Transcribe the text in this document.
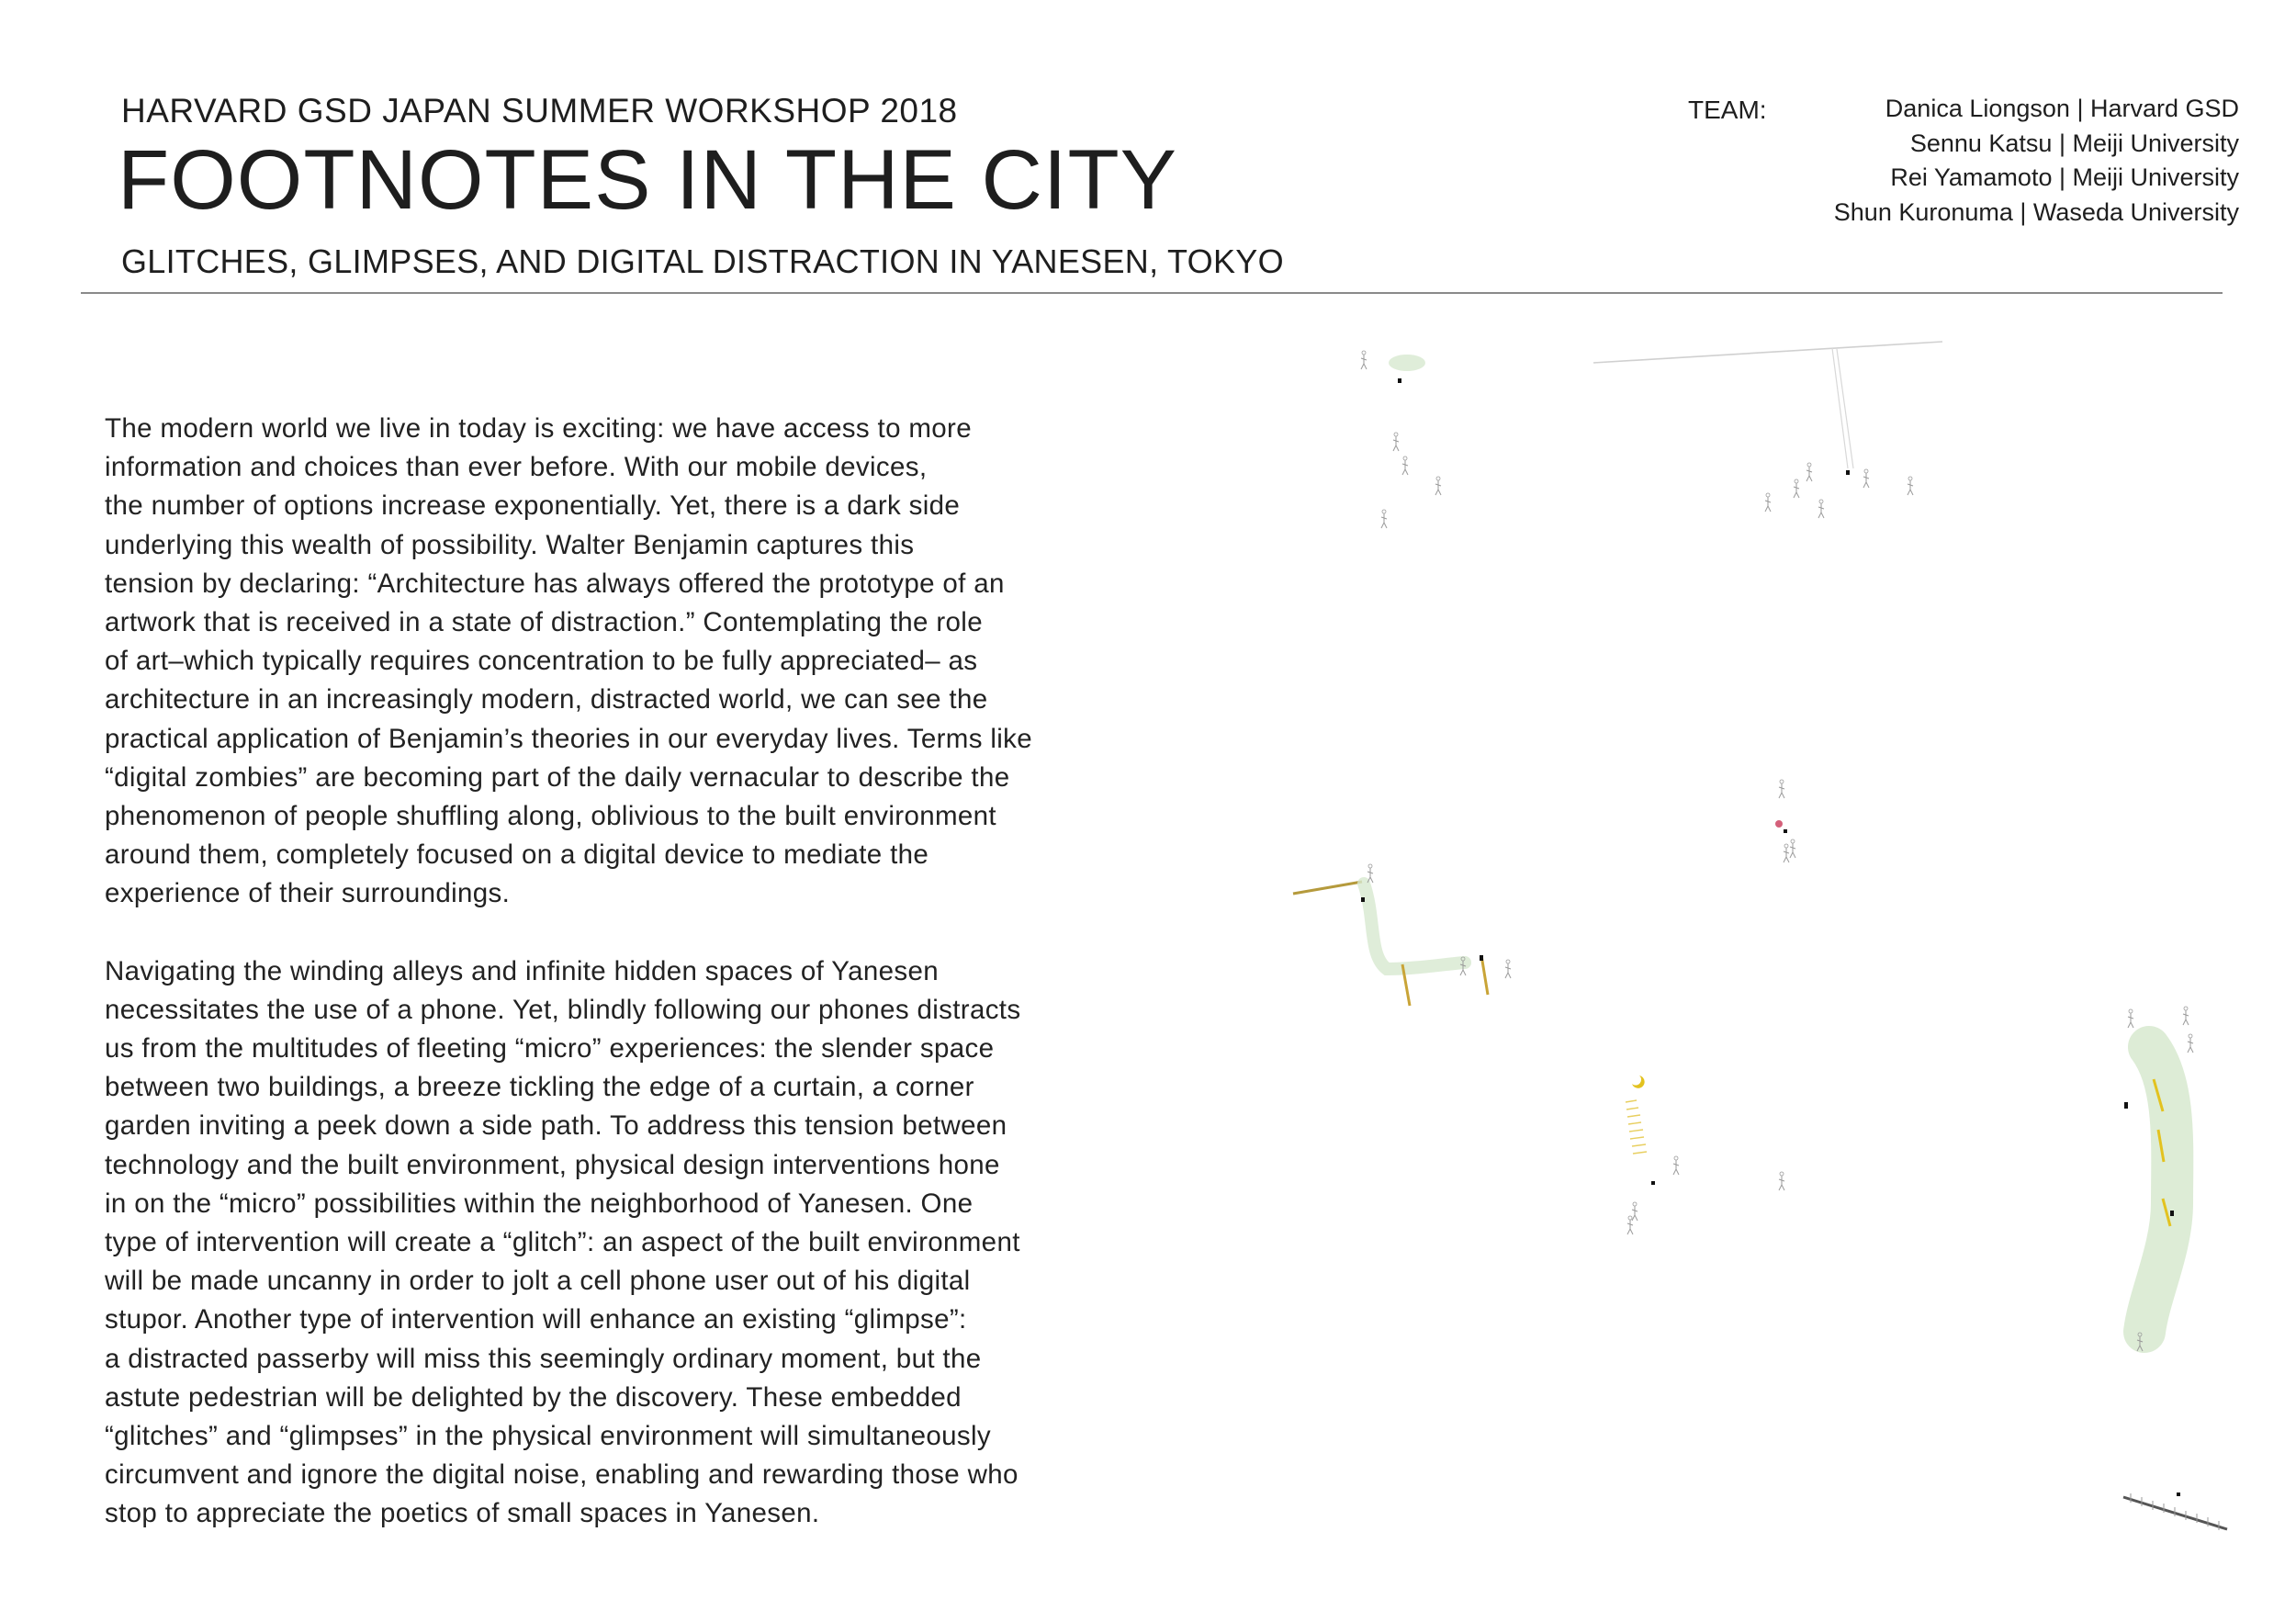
HARVARD GSD JAPAN SUMMER WORKSHOP 2018
FOOTNOTES IN THE CITY
GLITCHES, GLIMPSES, AND DIGITAL DISTRACTION IN YANESEN, TOKYO
TEAM:	Danica Liongson | Harvard GSD
Sennu Katsu | Meiji University
Rei Yamamoto | Meiji University
Shun Kuronuma | Waseda University

The modern world we live in today is exciting: we have access to more
information and choices than ever before. With our mobile devices,
the number of options increase exponentially. Yet, there is a dark side
underlying this wealth of possibility. Walter Benjamin captures this
tension by declaring: “Architecture has always offered the prototype of an
artwork that is received in a state of distraction.” Contemplating the role
of art–which typically requires concentration to be fully appreciated– as
architecture in an increasingly modern, distracted world, we can see the
practical application of Benjamin’s theories in our everyday lives. Terms like
“digital zombies” are becoming part of the daily vernacular to describe the
phenomenon of people shuffling along, oblivious to the built environment
around them, completely focused on a digital device to mediate the
experience of their surroundings.

Navigating the winding alleys and infinite hidden spaces of Yanesen
necessitates the use of a phone. Yet, blindly following our phones distracts
us from the multitudes of fleeting “micro” experiences: the slender space
between two buildings, a breeze tickling the edge of a curtain, a corner
garden inviting a peek down a side path. To address this tension between
technology and the built environment, physical design interventions hone
in on the “micro” possibilities within the neighborhood of Yanesen. One
type of intervention will create a “glitch”: an aspect of the built environment
will be made uncanny in order to jolt a cell phone user out of his digital
stupor. Another type of intervention will enhance an existing “glimpse”:
a distracted passerby will miss this seemingly ordinary moment, but the
astute pedestrian will be delighted by the discovery. These embedded
“glitches” and “glimpses” in the physical environment will simultaneously
circumvent and ignore the digital noise, enabling and rewarding those who
stop to appreciate the poetics of small spaces in Yanesen.
